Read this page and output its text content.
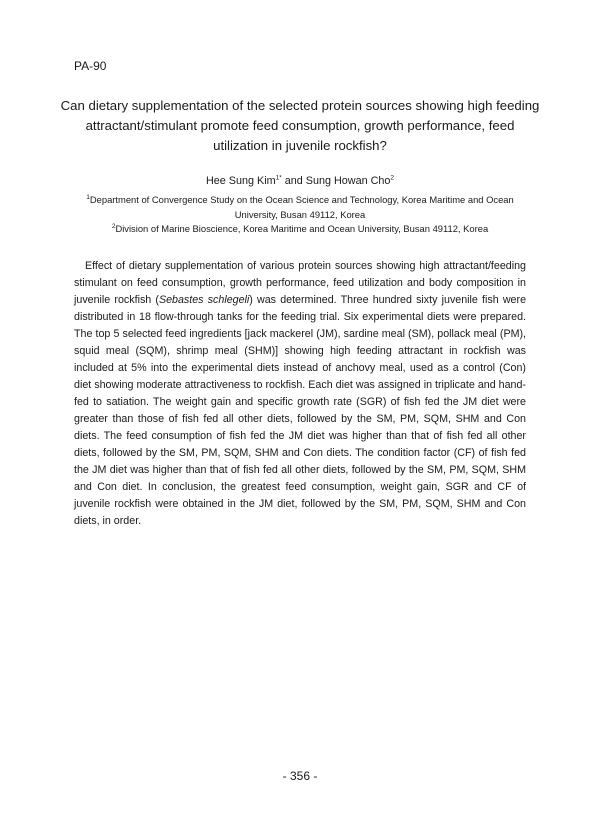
PA-90
Can dietary supplementation of the selected protein sources showing high feeding attractant/stimulant promote feed consumption, growth performance, feed utilization in juvenile rockfish?
Hee Sung Kim$^{1*}$ and Sung Howan Cho$^2$
$^1$Department of Convergence Study on the Ocean Science and Technology, Korea Maritime and Ocean University, Busan 49112, Korea
$^2$Division of Marine Bioscience, Korea Maritime and Ocean University, Busan 49112, Korea

Effect of dietary supplementation of various protein sources showing high attractant/feeding stimulant on feed consumption, growth performance, feed utilization and body composition in juvenile rockfish (Sebastes schlegeli) was determined. Three hundred sixty juvenile fish were distributed in 18 flow-through tanks for the feeding trial. Six experimental diets were prepared. The top 5 selected feed ingredients [jack mackerel (JM), sardine meal (SM), pollack meal (PM), squid meal (SQM), shrimp meal (SHM)] showing high feeding attractant in rockfish was included at 5% into the experimental diets instead of anchovy meal, used as a control (Con) diet showing moderate attractiveness to rockfish. Each diet was assigned in triplicate and hand-fed to satiation. The weight gain and specific growth rate (SGR) of fish fed the JM diet were greater than those of fish fed all other diets, followed by the SM, PM, SQM, SHM and Con diets. The feed consumption of fish fed the JM diet was higher than that of fish fed all other diets, followed by the SM, PM, SQM, SHM and Con diets. The condition factor (CF) of fish fed the JM diet was higher than that of fish fed all other diets, followed by the SM, PM, SQM, SHM and Con diet. In conclusion, the greatest feed consumption, weight gain, SGR and CF of juvenile rockfish were obtained in the JM diet, followed by the SM, PM, SQM, SHM and Con diets, in order.

- 356 -
